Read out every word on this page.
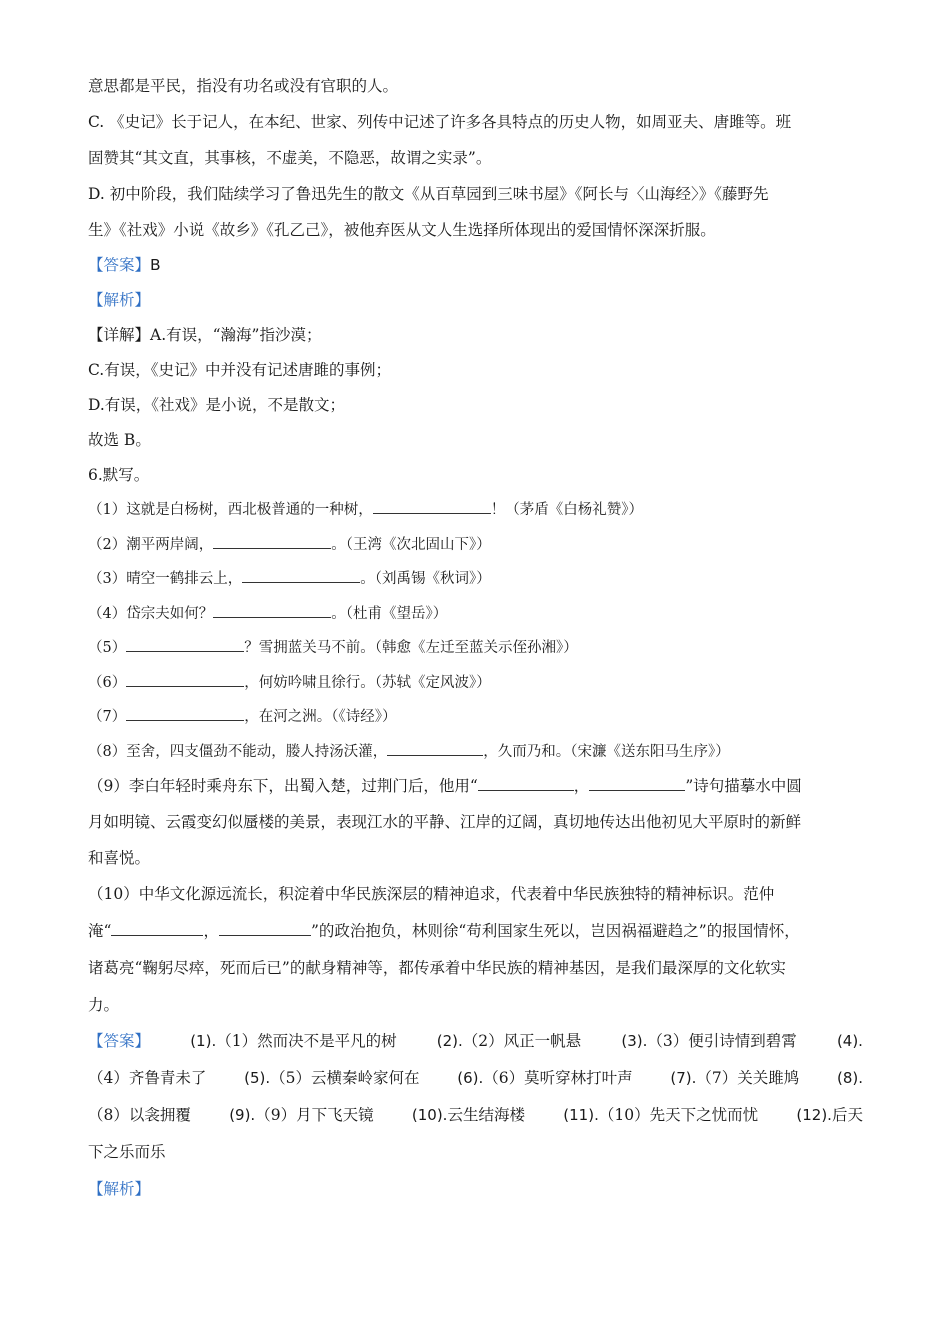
意思都是平民，指没有功名或没有官职的人。
C. 《史记》长于记人，在本纪、世家、列传中记述了许多各具特点的历史人物，如周亚夫、唐雎等。班
固赞其“其文直，其事核，不虚美，不隐恶，故谓之实录”。
D. 初中阶段，我们陆续学习了鲁迅先生的散文《从百草园到三味书屋》《阿长与〈山海经〉》《藤野先
生》《社戏》小说《故乡》《孔乙己》，被他弃医从文人生选择所体现出的爱国情怀深深折服。
【答案】B
【解析】
【详解】A.有误，“瀚海”指沙漠；
C.有误，《史记》中并没有记述唐雎的事例；
D.有误，《社戏》是小说，不是散文；
故选 B。
6.默写。
（1）这就是白杨树，西北极普通的一种树，	！（茅盾《白杨礼赞》）
（2）潮平两岸阔，	。（王湾《次北固山下》）
（3）晴空一鹤排云上，	。（刘禹锡《秋词》）
（4）岱宗夫如何？	。（杜甫《望岳》）
（5）	？雪拥蓝关马不前。（韩愈《左迁至蓝关示侄孙湘》）
（6）	，何妨吟啸且徐行。（苏轼《定风波》）
（7）	，在河之洲。（《诗经》）
（8）至舍，四支僵劲不能动，媵人持汤沃灌，	，久而乃和。（宋濂《送东阳马生序》）
（9）李白年轻时乘舟东下，出蜀入楚，过荆门后，他用“	，	”诗句描摹水中圆
月如明镜、云霞变幻似蜃楼的美景，表现江水的平静、江岸的辽阔，真切地传达出他初见大平原时的新鲜
和喜悦。
（10）中华文化源远流长，积淀着中华民族深层的精神追求，代表着中华民族独特的精神标识。范仲
淹“	，	”的政治抱负，林则徐“苟利国家生死以，岂因祸福避趋之”的报国情怀，
诸葛亮“鞠躬尽瘁，死而后已”的献身精神等，都传承着中华民族的精神基因，是我们最深厚的文化软实
力。
【答案】	(1).（1）然而决不是平凡的树	(2).（2）风正一帆悬	(3).（3）便引诗情到碧霄	(4).
（4）齐鲁青未了	(5).（5）云横秦岭家何在	(6).（6）莫听穿林打叶声	(7).（7）关关雎鸠	(8).
（8）以衾拥覆	(9).（9）月下飞天镜	(10).云生结海楼	(11).（10）先天下之忧而忧	(12).后天
下之乐而乐
【解析】
